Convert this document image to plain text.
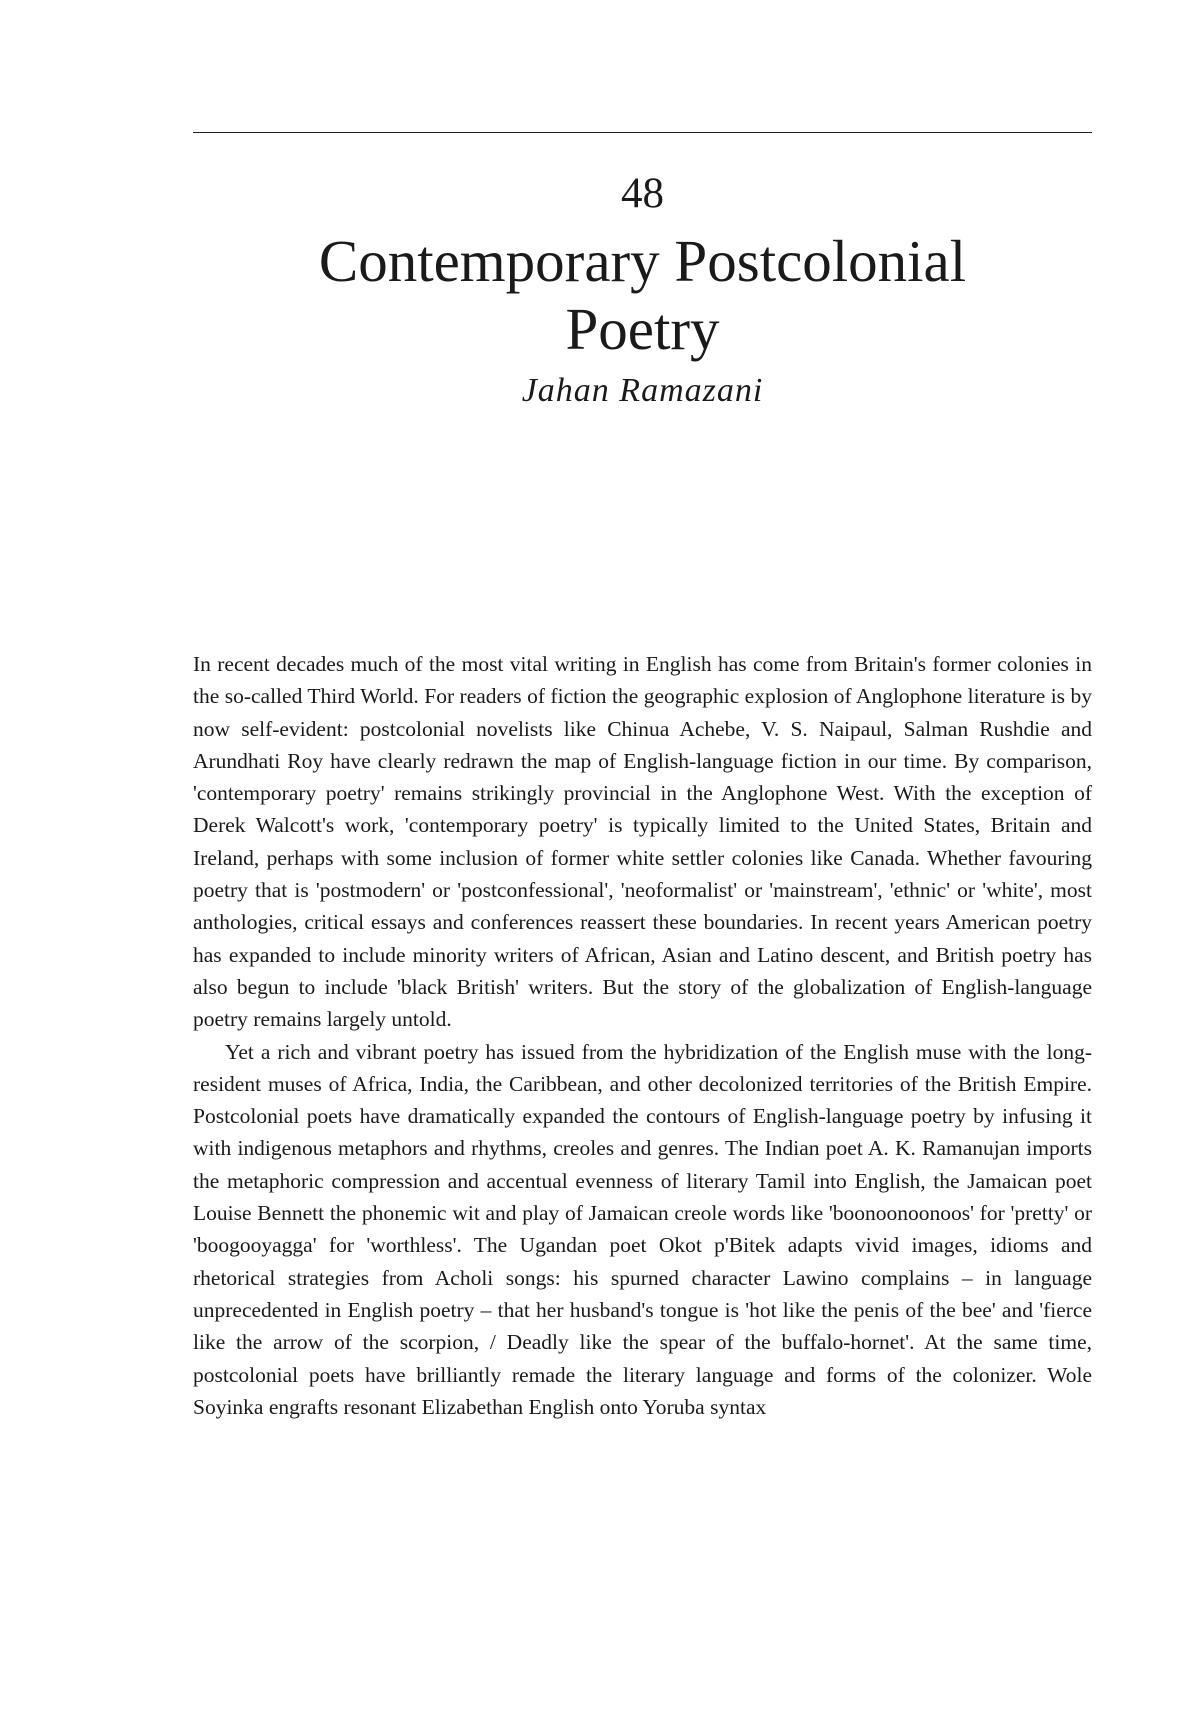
48
Contemporary Postcolonial
Poetry
Jahan Ramazani

In recent decades much of the most vital writing in English has come from Britain's former colonies in the so-called Third World. For readers of fiction the geographic explosion of Anglophone literature is by now self-evident: postcolonial novelists like Chinua Achebe, V. S. Naipaul, Salman Rushdie and Arundhati Roy have clearly redrawn the map of English-language fiction in our time. By comparison, 'contemporary poetry' remains strikingly provincial in the Anglophone West. With the exception of Derek Walcott's work, 'contemporary poetry' is typically limited to the United States, Britain and Ireland, perhaps with some inclusion of former white settler colonies like Canada. Whether favouring poetry that is 'postmodern' or 'postconfessional', 'neoformalist' or 'mainstream', 'ethnic' or 'white', most anthologies, critical essays and conferences reassert these boundaries. In recent years American poetry has expanded to include minority writers of African, Asian and Latino descent, and British poetry has also begun to include 'black British' writers. But the story of the globalization of English-language poetry remains largely untold.

Yet a rich and vibrant poetry has issued from the hybridization of the English muse with the long-resident muses of Africa, India, the Caribbean, and other decolonized territories of the British Empire. Postcolonial poets have dramatically expanded the contours of English-language poetry by infusing it with indigenous metaphors and rhythms, creoles and genres. The Indian poet A. K. Ramanujan imports the metaphoric compression and accentual evenness of literary Tamil into English, the Jamaican poet Louise Bennett the phonemic wit and play of Jamaican creole words like 'boonoonoonoos' for 'pretty' or 'boogooyagga' for 'worthless'. The Ugandan poet Okot p'Bitek adapts vivid images, idioms and rhetorical strategies from Acholi songs: his spurned character Lawino complains – in language unprecedented in English poetry – that her husband's tongue is 'hot like the penis of the bee' and 'fierce like the arrow of the scorpion, / Deadly like the spear of the buffalo-hornet'. At the same time, postcolonial poets have brilliantly remade the literary language and forms of the colonizer. Wole Soyinka engrafts resonant Elizabethan English onto Yoruba syntax
